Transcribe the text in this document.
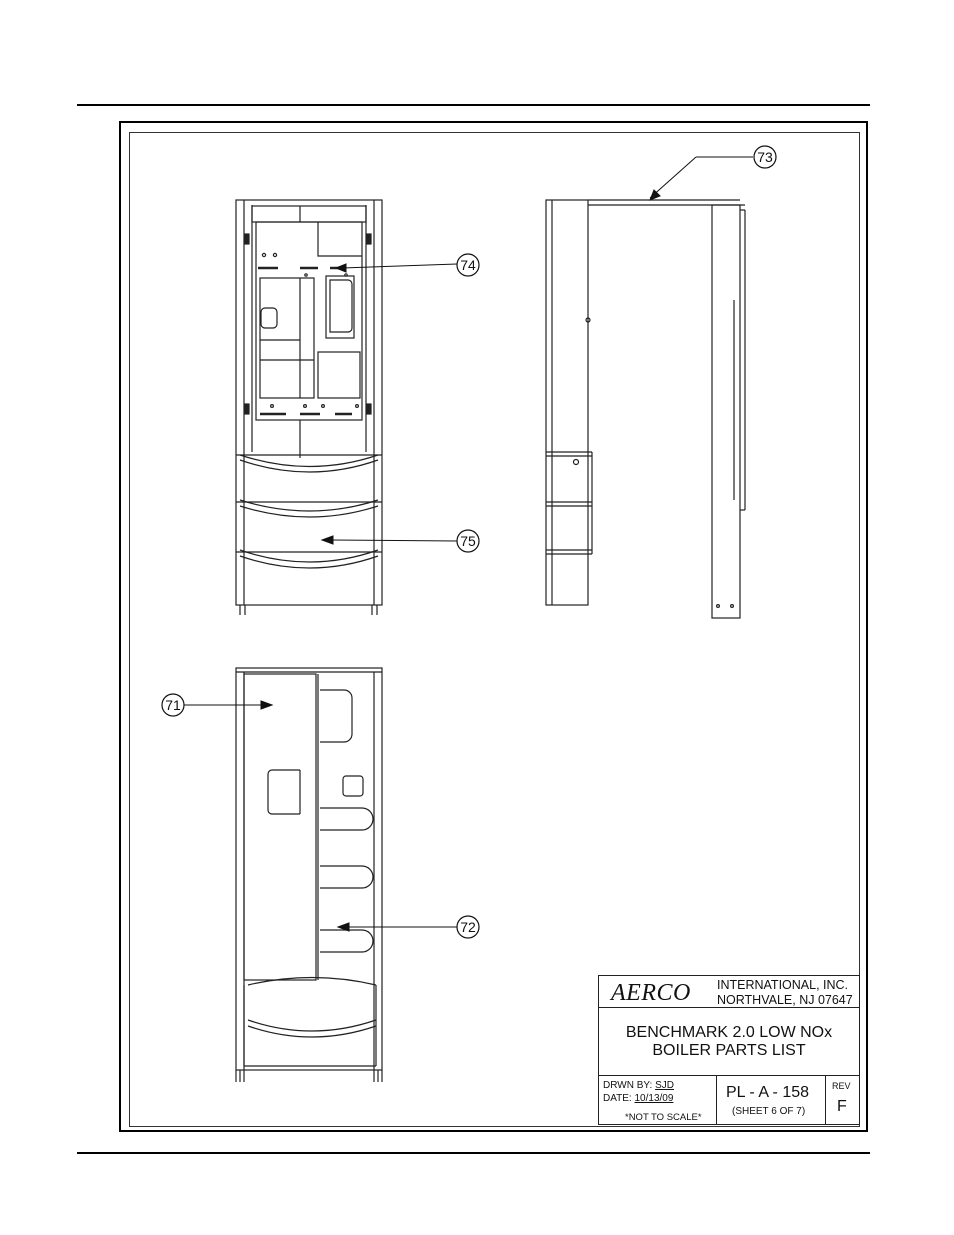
73
74
75
71
72
AERCO INTERNATIONAL, INC.
NORTHVALE, NJ 07647
BENCHMARK 2.0 LOW NOx
BOILER PARTS LIST
DRWN BY: SJD
DATE: 10/13/09
*NOT TO SCALE*
PL - A - 158
(SHEET 6 OF 7)
REV
F
